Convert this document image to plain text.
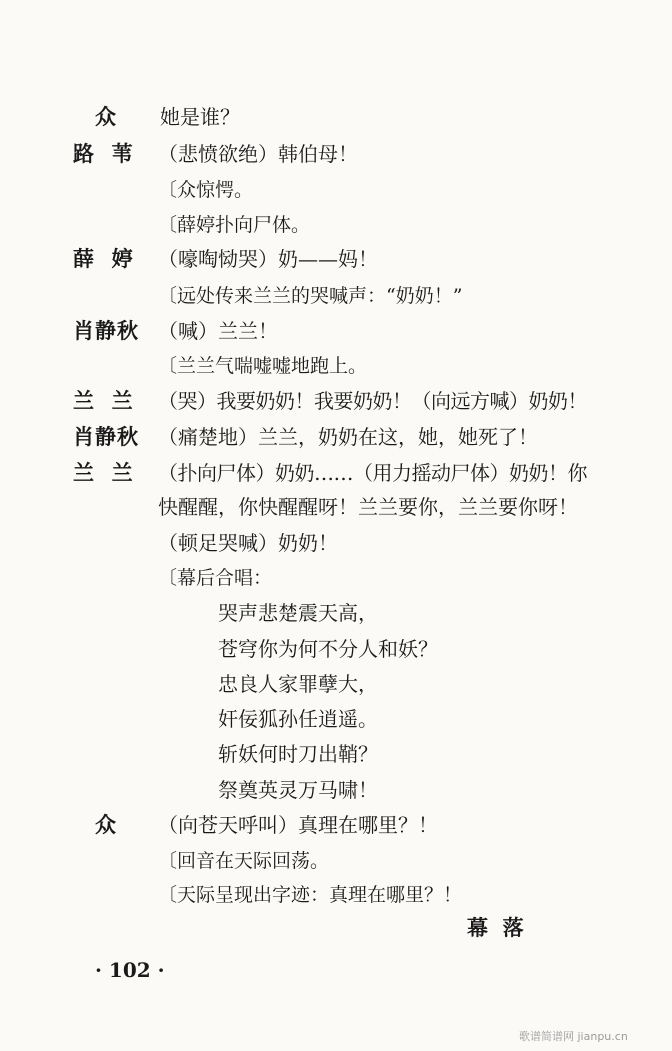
众 她是谁？
路  苇 （悲愤欲绝）韩伯母！
〔众惊愕。
〔薛婷扑向尸体。
薛  婷 （嚎啕恸哭）奶——妈！
〔远处传来兰兰的哭喊声：“奶奶！”
肖静秋 （喊）兰兰！
〔兰兰气喘嘘嘘地跑上。
兰  兰 （哭）我要奶奶！我要奶奶！（向远方喊）奶奶！
肖静秋 （痛楚地）兰兰，奶奶在这，她，她死了！
兰  兰 （扑向尸体）奶奶……（用力摇动尸体）奶奶！你
快醒醒，你快醒醒呀！兰兰要你，兰兰要你呀！
（顿足哭喊）奶奶！
〔幕后合唱：
哭声悲楚震天高，
苍穹你为何不分人和妖？
忠良人家罪孽大，
奸佞狐孙任逍遥。
斩妖何时刀出鞘？
祭奠英灵万马啸！
众 （向苍天呼叫）真理在哪里？！
〔回音在天际回荡。
〔天际呈现出字迹：真理在哪里？！
幕  落
· 102 ·
歌谱简谱网 jianpu.cn
